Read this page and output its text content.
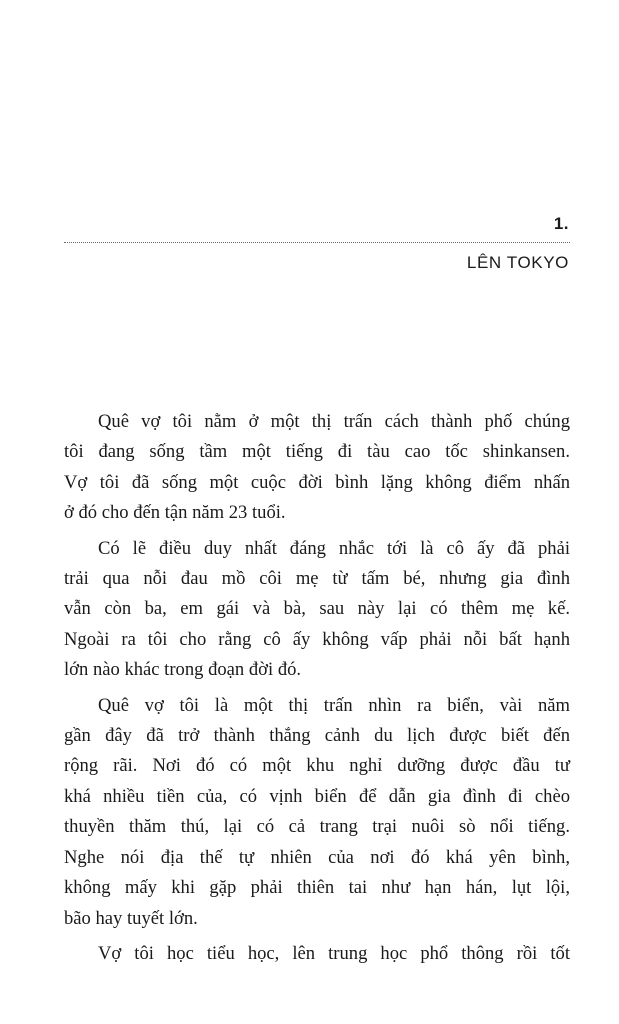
1.
LÊN TOKYO

Quê vợ tôi nằm ở một thị trấn cách thành phố chúng
tôi đang sống tầm một tiếng đi tàu cao tốc shinkansen.
Vợ tôi đã sống một cuộc đời bình lặng không điểm nhấn
ở đó cho đến tận năm 23 tuổi.

Có lẽ điều duy nhất đáng nhắc tới là cô ấy đã phải
trải qua nỗi đau mồ côi mẹ từ tấm bé, nhưng gia đình
vẫn còn ba, em gái và bà, sau này lại có thêm mẹ kế.
Ngoài ra tôi cho rằng cô ấy không vấp phải nỗi bất hạnh
lớn nào khác trong đoạn đời đó.

Quê vợ tôi là một thị trấn nhìn ra biển, vài năm
gần đây đã trở thành thắng cảnh du lịch được biết đến
rộng rãi. Nơi đó có một khu nghỉ dưỡng được đầu tư
khá nhiều tiền của, có vịnh biển để dẫn gia đình đi chèo
thuyền thăm thú, lại có cả trang trại nuôi sò nổi tiếng.
Nghe nói địa thế tự nhiên của nơi đó khá yên bình,
không mấy khi gặp phải thiên tai như hạn hán, lụt lội,
bão hay tuyết lớn.

Vợ tôi học tiểu học, lên trung học phổ thông rồi tốt
